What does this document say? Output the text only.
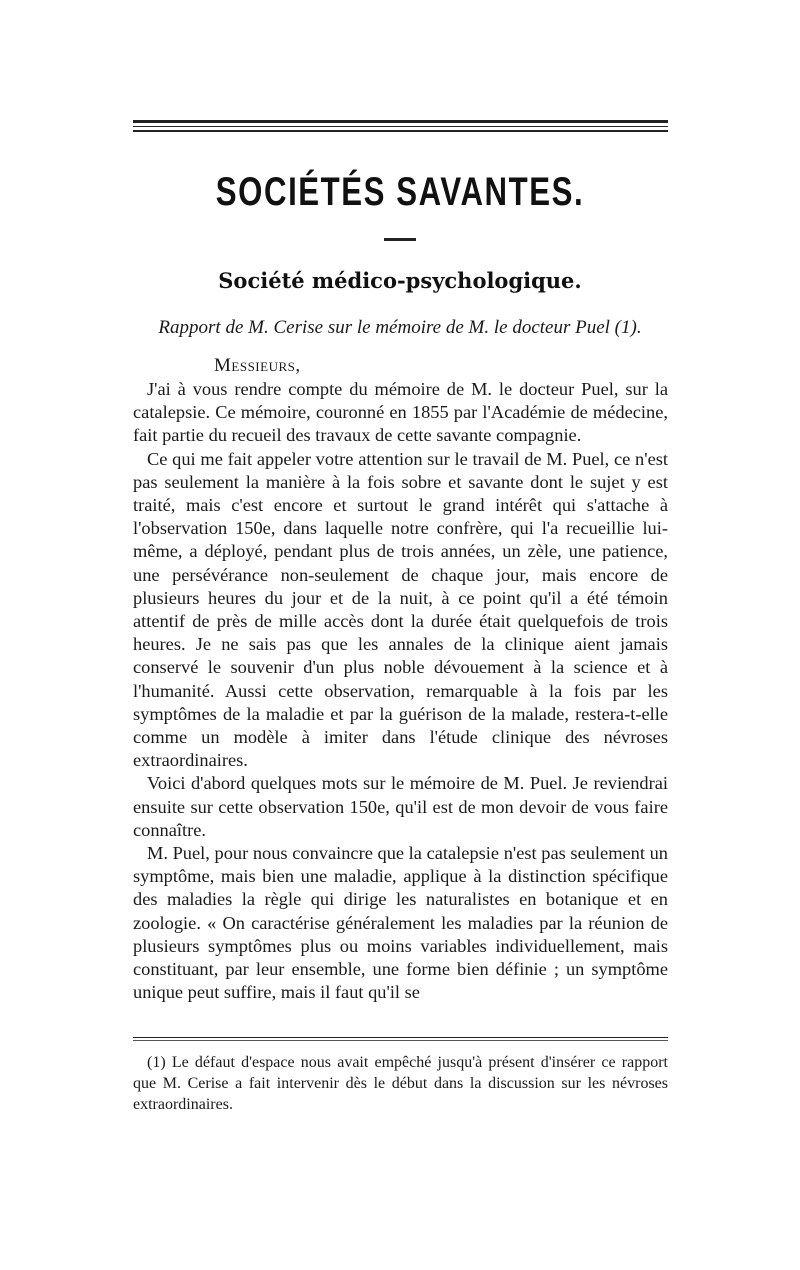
SOCIÉTÉS SAVANTES.
Société médico-psychologique.
Rapport de M. Cerise sur le mémoire de M. le docteur Puel (1).
Messieurs,

J'ai à vous rendre compte du mémoire de M. le docteur Puel, sur la catalepsie. Ce mémoire, couronné en 1855 par l'Académie de médecine, fait partie du recueil des travaux de cette savante compagnie.

Ce qui me fait appeler votre attention sur le travail de M. Puel, ce n'est pas seulement la manière à la fois sobre et savante dont le sujet y est traité, mais c'est encore et surtout le grand intérêt qui s'attache à l'observation 150e, dans laquelle notre confrère, qui l'a recueillie lui-même, a déployé, pendant plus de trois années, un zèle, une patience, une persévérance non-seulement de chaque jour, mais encore de plusieurs heures du jour et de la nuit, à ce point qu'il a été témoin attentif de près de mille accès dont la durée était quelquefois de trois heures. Je ne sais pas que les annales de la clinique aient jamais conservé le souvenir d'un plus noble dévouement à la science et à l'humanité. Aussi cette observation, remarquable à la fois par les symptômes de la maladie et par la guérison de la malade, restera-t-elle comme un modèle à imiter dans l'étude clinique des névroses extraordinaires.

Voici d'abord quelques mots sur le mémoire de M. Puel. Je reviendrai ensuite sur cette observation 150e, qu'il est de mon devoir de vous faire connaître.

M. Puel, pour nous convaincre que la catalepsie n'est pas seulement un symptôme, mais bien une maladie, applique à la distinction spécifique des maladies la règle qui dirige les naturalistes en botanique et en zoologie. « On caractérise généralement les maladies par la réunion de plusieurs symptômes plus ou moins variables individuellement, mais constituant, par leur ensemble, une forme bien définie ; un symptôme unique peut suffire, mais il faut qu'il se

(1) Le défaut d'espace nous avait empêché jusqu'à présent d'insérer ce rapport que M. Cerise a fait intervenir dès le début dans la discussion sur les névroses extraordinaires.
